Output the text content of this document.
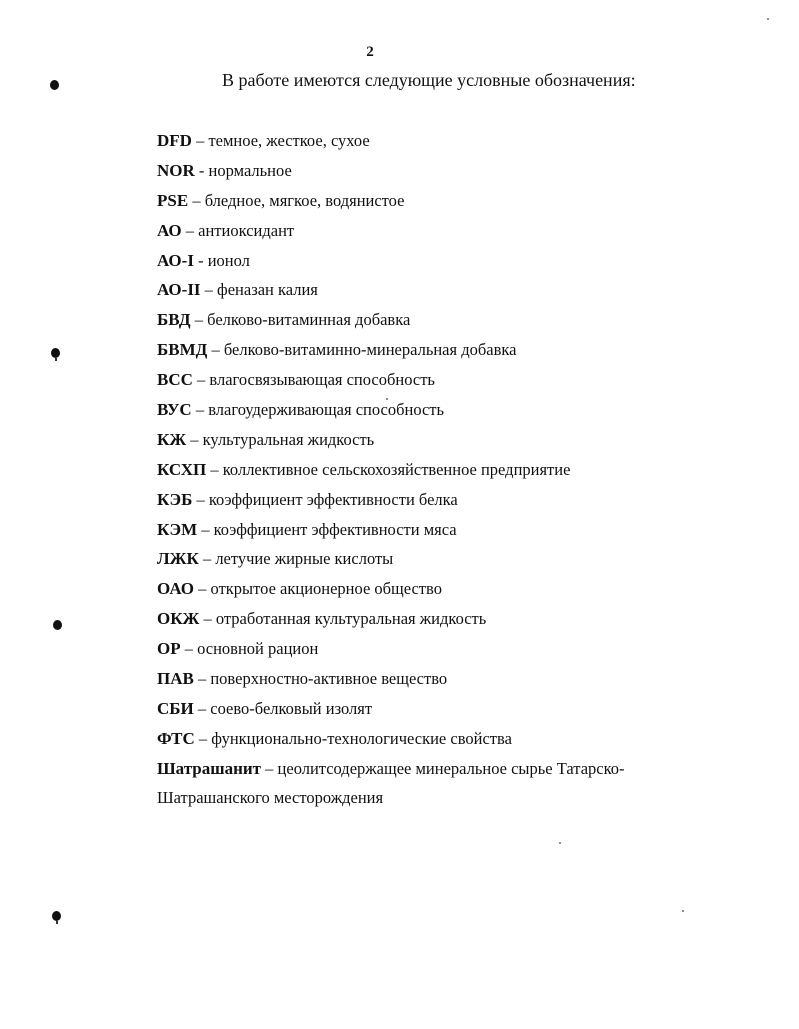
2
В работе имеются следующие условные обозначения:
DFD – темное, жесткое, сухое
NOR - нормальное
PSE – бледное, мягкое, водянистое
АО – антиоксидант
АО-I - ионол
АО-II – феназан калия
БВД – белково-витаминная добавка
БВМД – белково-витаминно-минеральная добавка
ВСС – влагосвязывающая способность
ВУС – влагоудерживающая способность
КЖ – культуральная жидкость
КСХП – коллективное сельскохозяйственное предприятие
КЭБ – коэффициент эффективности белка
КЭМ – коэффициент эффективности мяса
ЛЖК – летучие жирные кислоты
ОАО – открытое акционерное общество
ОКЖ – отработанная культуральная жидкость
ОР – основной рацион
ПАВ – поверхностно-активное вещество
СБИ – соево-белковый изолят
ФТС – функционально-технологические свойства
Шатрашанит – цеолитсодержащее минеральное сырье Татарско-
Шатрашанского месторождения
